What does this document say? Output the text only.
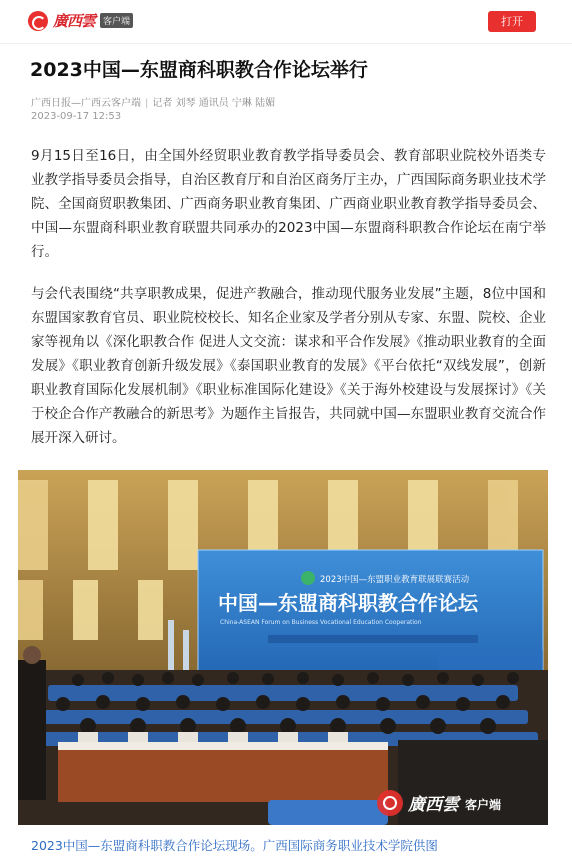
廣西雲 客户端	打开
2023中国—东盟商科职教合作论坛举行
广西日报—广西云客户端 | 记者 刘琴 通讯员 宁琳 陆媚
2023-09-17 12:53

9月15日至16日，由全国外经贸职业教育教学指导委员会、教育部职业院校外语类专业教学指导委员会指导，自治区教育厅和自治区商务厅主办，广西国际商务职业技术学院、全国商贸职教集团、广西商务职业教育集团、广西商业职业教育教学指导委员会、中国—东盟商科职业教育联盟共同承办的2023中国—东盟商科职教合作论坛在南宁举行。

与会代表围绕“共享职教成果，促进产教融合，推动现代服务业发展”主题，8位中国和东盟国家教育官员、职业院校校长、知名企业家及学者分别从专家、东盟、院校、企业家等视角以《深化职教合作 促进人文交流：谋求和平合作发展》《推动职业教育的全面发展》《职业教育创新升级发展》《泰国职业教育的发展》《平台依托“双线发展”，创新职业教育国际化发展机制》《职业标准国际化建设》《关于海外校建设与发展探讨》《关于校企合作产教融合的新思考》为题作主旨报告，共同就中国—东盟职业教育交流合作展开深入研讨。

2023中国—东盟职业教育联展联赛活动
中国—东盟商科职教合作论坛
China-ASEAN Forum on Business Vocational Education Cooperation
廣西雲 客户端
2023中国—东盟商科职教合作论坛现场。广西国际商务职业技术学院供图
